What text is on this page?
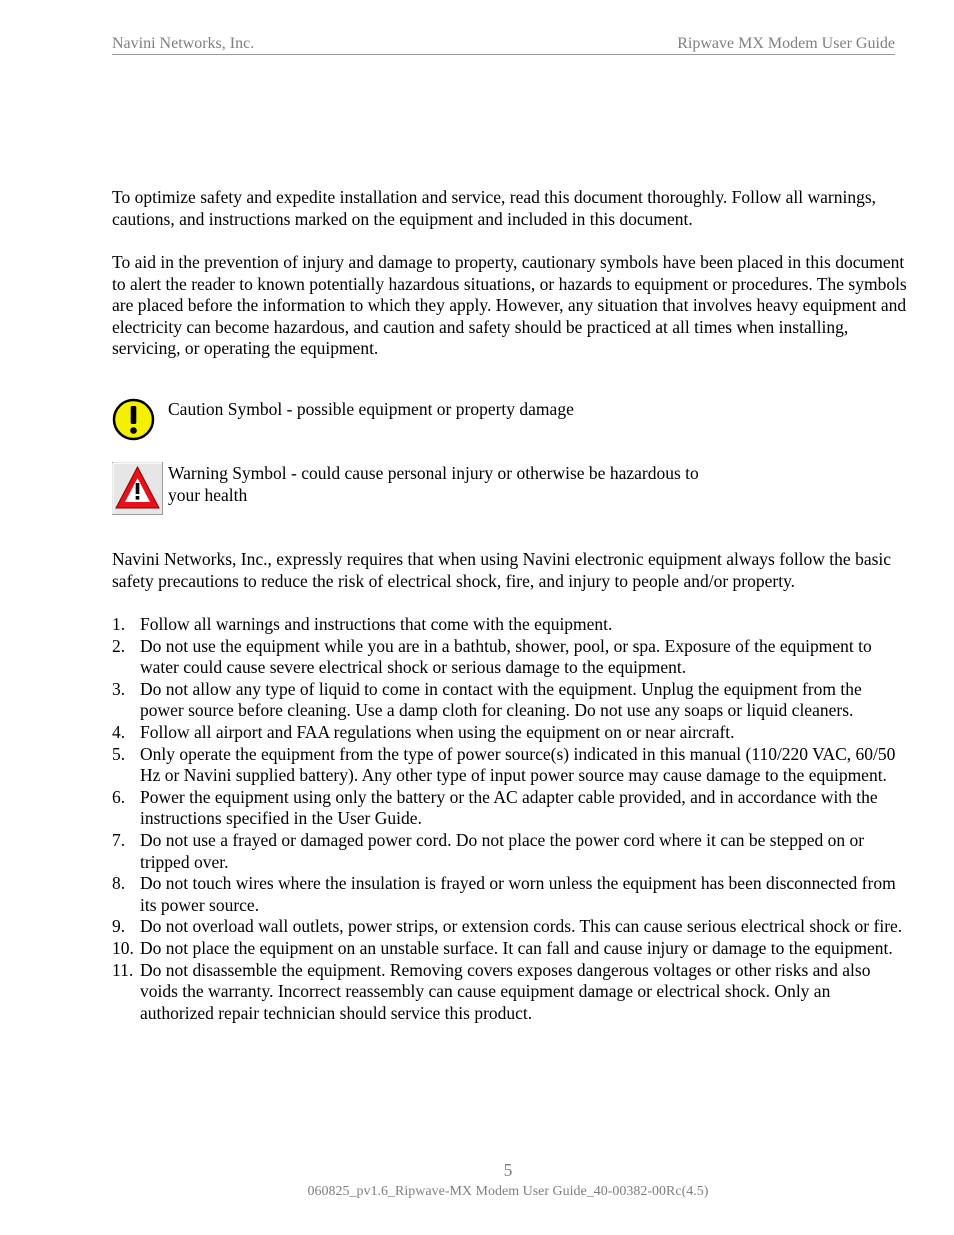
Navini Networks, Inc.	Ripwave MX Modem User Guide

To optimize safety and expedite installation and service, read this document thoroughly. Follow all warnings, cautions, and instructions marked on the equipment and included in this document.

To aid in the prevention of injury and damage to property, cautionary symbols have been placed in this document to alert the reader to known potentially hazardous situations, or hazards to equipment or procedures. The symbols are placed before the information to which they apply. However, any situation that involves heavy equipment and electricity can become hazardous, and caution and safety should be practiced at all times when installing, servicing, or operating the equipment.

Caution Symbol - possible equipment or property damage
Warning Symbol - could cause personal injury or otherwise be hazardous to
your health

Navini Networks, Inc., expressly requires that when using Navini electronic equipment always follow the basic safety precautions to reduce the risk of electrical shock, fire, and injury to people and/or property.

1. Follow all warnings and instructions that come with the equipment.
2. Do not use the equipment while you are in a bathtub, shower, pool, or spa. Exposure of the equipment to water could cause severe electrical shock or serious damage to the equipment.
3. Do not allow any type of liquid to come in contact with the equipment. Unplug the equipment from the power source before cleaning. Use a damp cloth for cleaning. Do not use any soaps or liquid cleaners.
4. Follow all airport and FAA regulations when using the equipment on or near aircraft.
5. Only operate the equipment from the type of power source(s) indicated in this manual (110/220 VAC, 60/50 Hz or Navini supplied battery). Any other type of input power source may cause damage to the equipment.
6. Power the equipment using only the battery or the AC adapter cable provided, and in accordance with the instructions specified in the User Guide.
7. Do not use a frayed or damaged power cord. Do not place the power cord where it can be stepped on or tripped over.
8. Do not touch wires where the insulation is frayed or worn unless the equipment has been disconnected from its power source.
9. Do not overload wall outlets, power strips, or extension cords. This can cause serious electrical shock or fire.
10. Do not place the equipment on an unstable surface. It can fall and cause injury or damage to the equipment.
11. Do not disassemble the equipment. Removing covers exposes dangerous voltages or other risks and also voids the warranty. Incorrect reassembly can cause equipment damage or electrical shock. Only an authorized repair technician should service this product.
5
060825_pv1.6_Ripwave-MX Modem User Guide_40-00382-00Rc(4.5)
